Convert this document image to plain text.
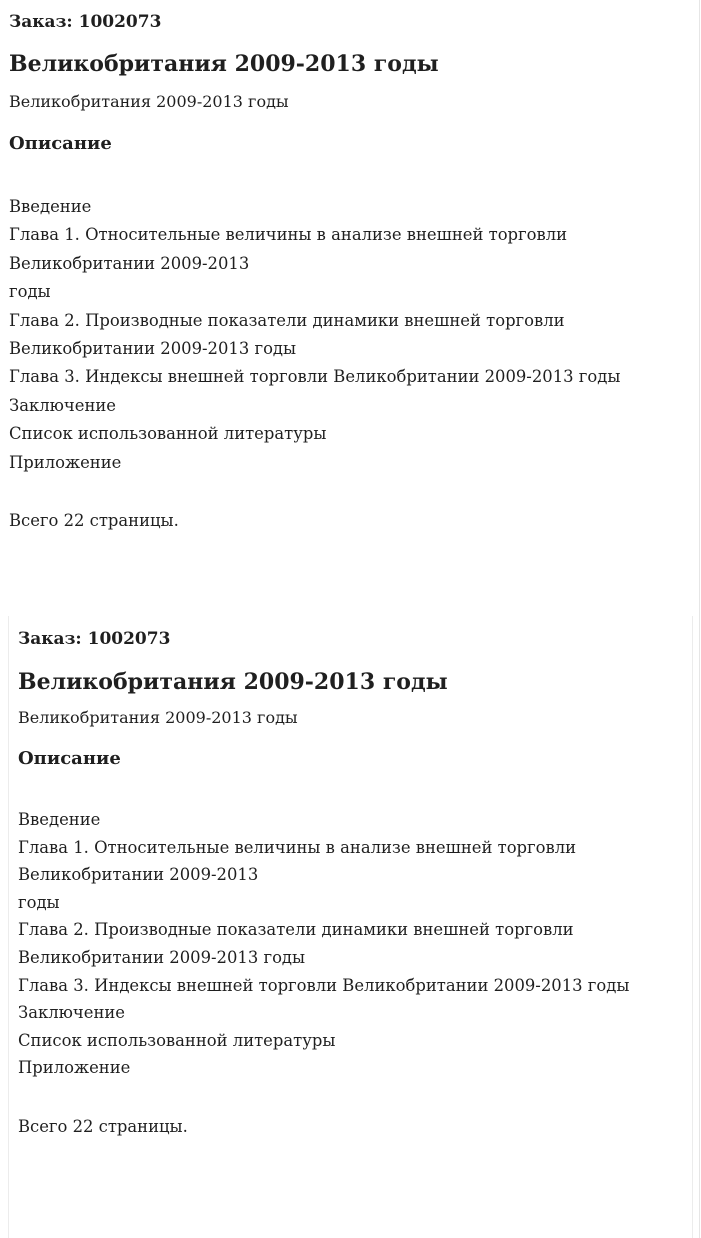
Заказ: 1002073
Великобритания 2009-2013 годы
Великобритания 2009-2013 годы
Описание
Введение
Глава 1. Относительные величины в анализе внешней торговли
Великобритании 2009-2013
годы
Глава 2. Производные показатели динамики внешней торговли
Великобритании 2009-2013 годы
Глава 3. Индексы внешней торговли Великобритании 2009-2013 годы
Заключение
Список использованной литературы
Приложение
Всего 22 страницы.
Заказ: 1002073
Великобритания 2009-2013 годы
Великобритания 2009-2013 годы
Описание
Введение
Глава 1. Относительные величины в анализе внешней торговли
Великобритании 2009-2013
годы
Глава 2. Производные показатели динамики внешней торговли
Великобритании 2009-2013 годы
Глава 3. Индексы внешней торговли Великобритании 2009-2013 годы
Заключение
Список использованной литературы
Приложение
Всего 22 страницы.
